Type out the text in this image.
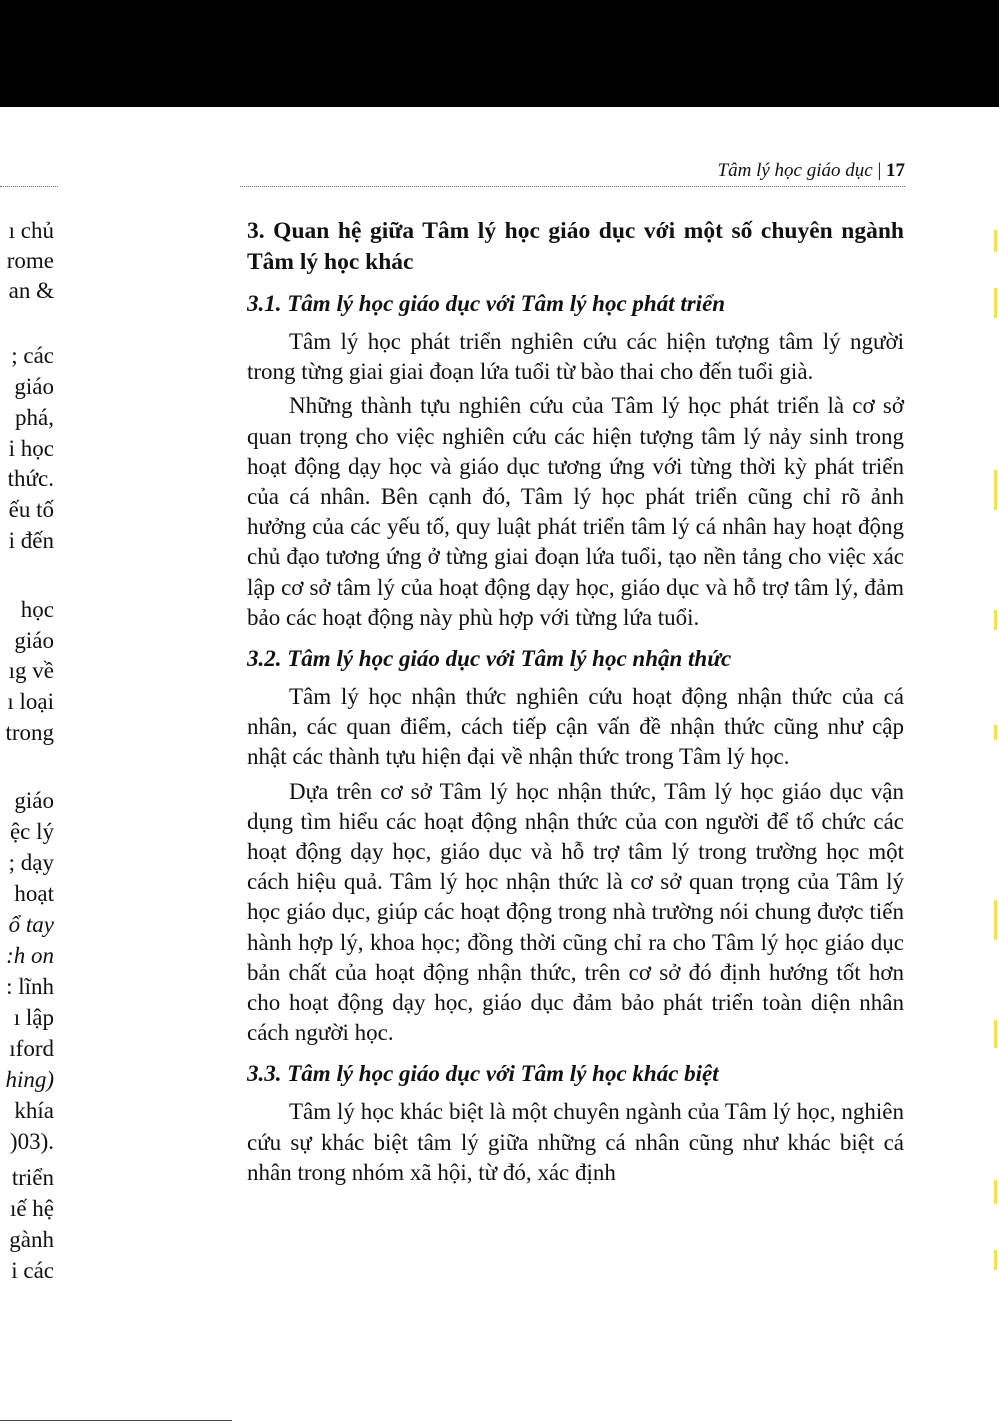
ı chủ
rome
an &
; các
giáo
phá,
i học
thức.
ếu tố
i đến
học
giáo
ıg về
ı loại
trong
giáo
ệc lý
; dạy
hoạt
ổ tay
:h on
: lĩnh
ı lập
ıford
hing)
khía
)03).
triển
ıế hệ
gành
i các
Tâm lý học giáo dục | 17
3. Quan hệ giữa Tâm lý học giáo dục với một số chuyên ngành Tâm lý học khác
3.1. Tâm lý học giáo dục với Tâm lý học phát triển

Tâm lý học phát triển nghiên cứu các hiện tượng tâm lý người trong từng giai giai đoạn lứa tuổi từ bào thai cho đến tuổi già.

Những thành tựu nghiên cứu của Tâm lý học phát triển là cơ sở quan trọng cho việc nghiên cứu các hiện tượng tâm lý nảy sinh trong hoạt động dạy học và giáo dục tương ứng với từng thời kỳ phát triển của cá nhân. Bên cạnh đó, Tâm lý học phát triển cũng chỉ rõ ảnh hưởng của các yếu tố, quy luật phát triển tâm lý cá nhân hay hoạt động chủ đạo tương ứng ở từng giai đoạn lứa tuổi, tạo nền tảng cho việc xác lập cơ sở tâm lý của hoạt động dạy học, giáo dục và hỗ trợ tâm lý, đảm bảo các hoạt động này phù hợp với từng lứa tuổi.

3.2. Tâm lý học giáo dục với Tâm lý học nhận thức

Tâm lý học nhận thức nghiên cứu hoạt động nhận thức của cá nhân, các quan điểm, cách tiếp cận vấn đề nhận thức cũng như cập nhật các thành tựu hiện đại về nhận thức trong Tâm lý học.

Dựa trên cơ sở Tâm lý học nhận thức, Tâm lý học giáo dục vận dụng tìm hiểu các hoạt động nhận thức của con người để tổ chức các hoạt động dạy học, giáo dục và hỗ trợ tâm lý trong trường học một cách hiệu quả. Tâm lý học nhận thức là cơ sở quan trọng của Tâm lý học giáo dục, giúp các hoạt động trong nhà trường nói chung được tiến hành hợp lý, khoa học; đồng thời cũng chỉ ra cho Tâm lý học giáo dục bản chất của hoạt động nhận thức, trên cơ sở đó định hướng tốt hơn cho hoạt động dạy học, giáo dục đảm bảo phát triển toàn diện nhân cách người học.

3.3. Tâm lý học giáo dục với Tâm lý học khác biệt

Tâm lý học khác biệt là một chuyên ngành của Tâm lý học, nghiên cứu sự khác biệt tâm lý giữa những cá nhân cũng như khác biệt cá nhân trong nhóm xã hội, từ đó, xác định
